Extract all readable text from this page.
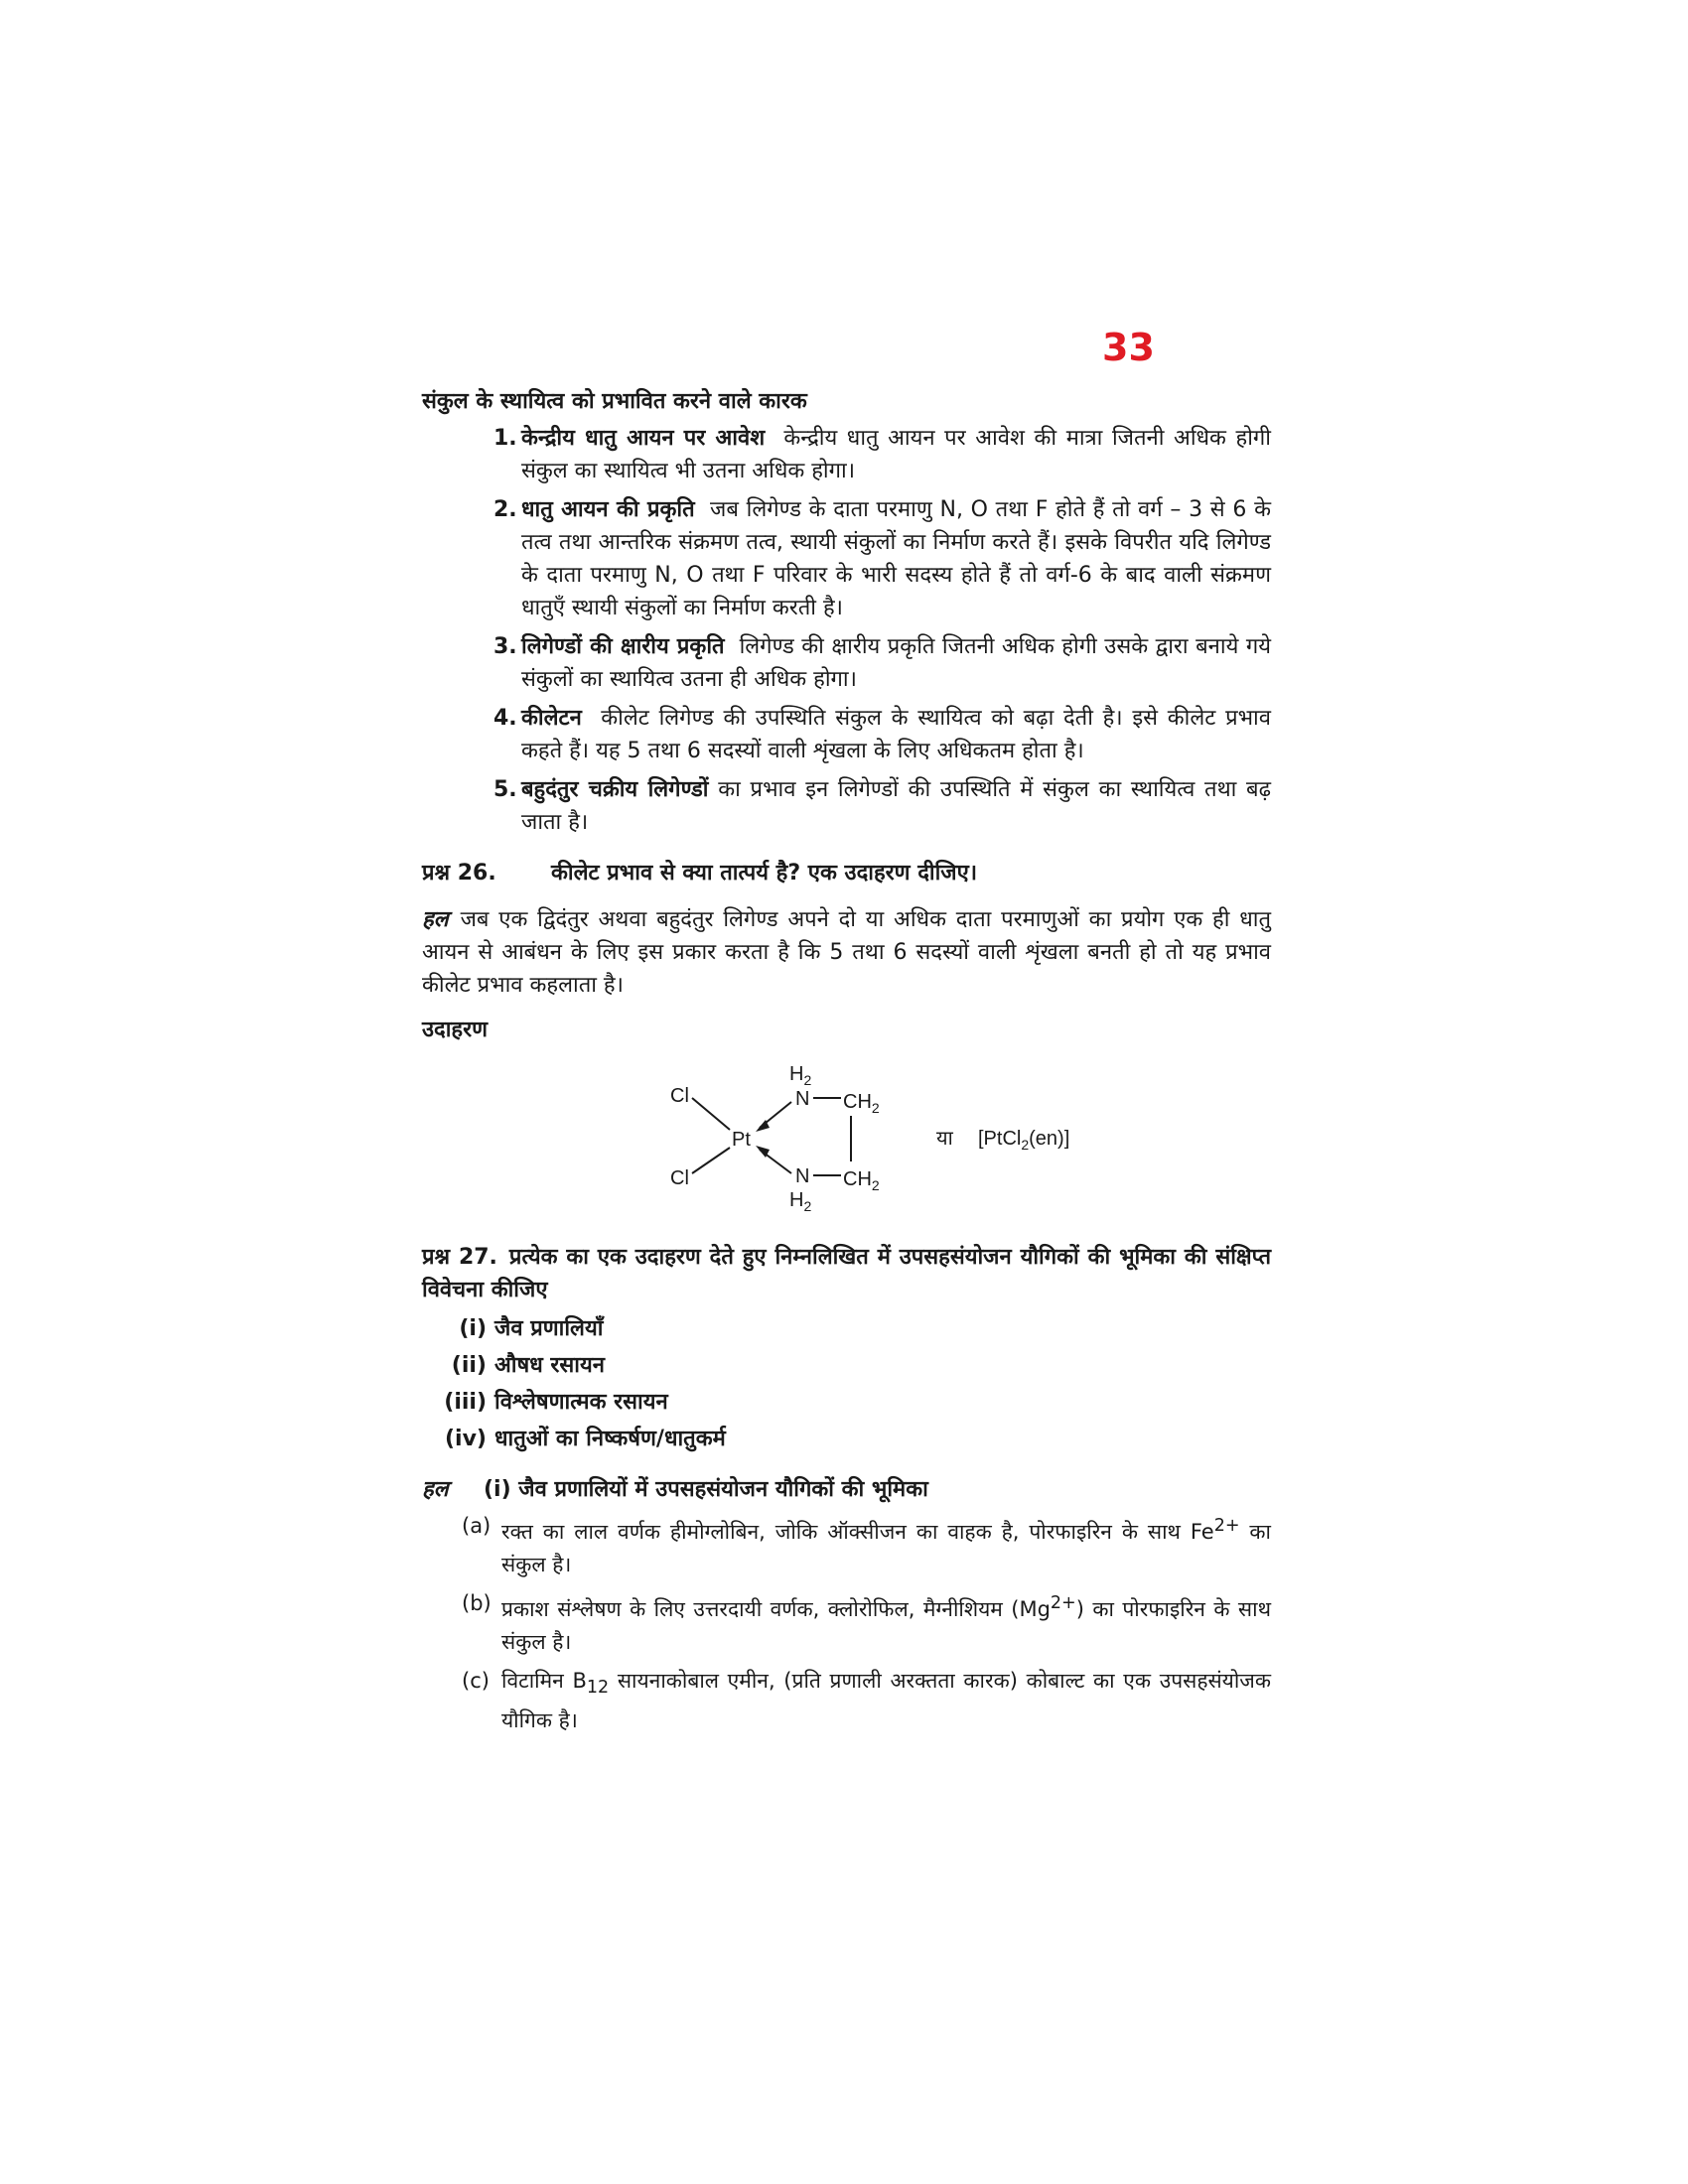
33
संकुल के स्थायित्व को प्रभावित करने वाले कारक
1. केन्द्रीय धातु आयन पर आवेश केन्द्रीय धातु आयन पर आवेश की मात्रा जितनी अधिक होगी संकुल का स्थायित्व भी उतना अधिक होगा।
2. धातु आयन की प्रकृति जब लिगेण्ड के दाता परमाणु N, O तथा F होते हैं तो वर्ग – 3 से 6 के तत्व तथा आन्तरिक संक्रमण तत्व, स्थायी संकुलों का निर्माण करते हैं। इसके विपरीत यदि लिगेण्ड के दाता परमाणु N, O तथा F परिवार के भारी सदस्य होते हैं तो वर्ग-6 के बाद वाली संक्रमण धातुएँ स्थायी संकुलों का निर्माण करती है।
3. लिगेण्डों की क्षारीय प्रकृति लिगेण्ड की क्षारीय प्रकृति जितनी अधिक होगी उसके द्वारा बनाये गये संकुलों का स्थायित्व उतना ही अधिक होगा।
4. कीलेटन कीलेट लिगेण्ड की उपस्थिति संकुल के स्थायित्व को बढ़ा देती है। इसे कीलेट प्रभाव कहते हैं। यह 5 तथा 6 सदस्यों वाली शृंखला के लिए अधिकतम होता है।
5. बहुदंतुर चक्रीय लिगेण्डों का प्रभाव इन लिगेण्डों की उपस्थिति में संकुल का स्थायित्व तथा बढ़ जाता है।
प्रश्न 26.	कीलेट प्रभाव से क्या तात्पर्य है? एक उदाहरण दीजिए।
हल जब एक द्विदंतुर अथवा बहुदंतुर लिगेण्ड अपने दो या अधिक दाता परमाणुओं का प्रयोग एक ही धातु आयन से आबंधन के लिए इस प्रकार करता है कि 5 तथा 6 सदस्यों वाली शृंखला बनती हो तो यह प्रभाव कीलेट प्रभाव कहलाता है।
उदाहरण
Cl
Cl
Pt
$H_2$
N $CH_2$
N $CH_2$
$H_2$
या [PtCl$_2$(en)]
प्रश्न 27. प्रत्येक का एक उदाहरण देते हुए निम्नलिखित में उपसहसंयोजन यौगिकों की भूमिका की संक्षिप्त विवेचना कीजिए
(i) जैव प्रणालियाँ
(ii) औषध रसायन
(iii) विश्लेषणात्मक रसायन
(iv) धातुओं का निष्कर्षण/धातुकर्म
हल	(i) जैव प्रणालियों में उपसहसंयोजन यौगिकों की भूमिका
(a) रक्त का लाल वर्णक हीमोग्लोबिन, जोकि ऑक्सीजन का वाहक है, पोरफाइरिन के साथ $Fe^{2+}$ का संकुल है।
(b) प्रकाश संश्लेषण के लिए उत्तरदायी वर्णक, क्लोरोफिल, मैग्नीशियम $(Mg^{2+})$ का पोरफाइरिन के साथ संकुल है।
(c) विटामिन $B_{12}$ सायनाकोबाल एमीन, (प्रति प्रणाली अरक्तता कारक) कोबाल्ट का एक उपसहसंयोजक यौगिक है।
